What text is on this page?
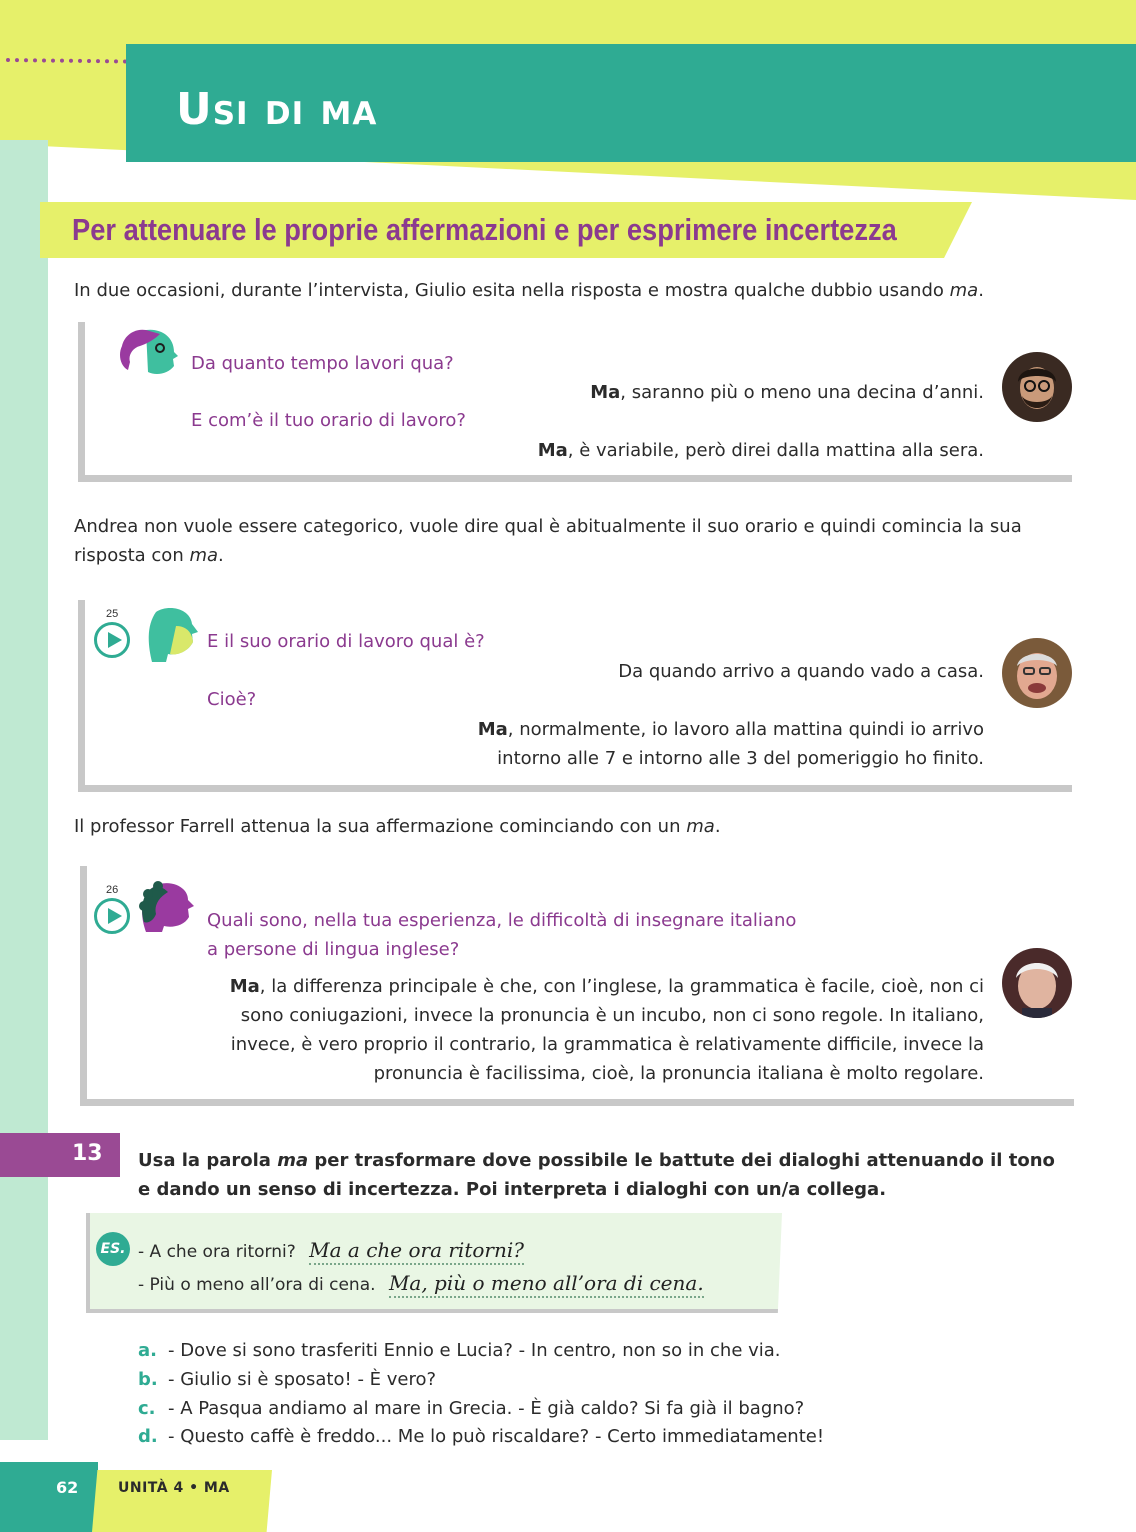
Usi di ma
Per attenuare le proprie affermazioni e per esprimere incertezza
In due occasioni, durante l’intervista, Giulio esita nella risposta e mostra qualche dubbio usando ma.
Da quanto tempo lavori qua?
Ma, saranno più o meno una decina d’anni.
E com’è il tuo orario di lavoro?
Ma, è variabile, però direi dalla mattina alla sera.
Andrea non vuole essere categorico, vuole dire qual è abitualmente il suo orario e quindi comincia la sua risposta con ma.
25
E il suo orario di lavoro qual è?
Da quando arrivo a quando vado a casa.
Cioè?
Ma, normalmente, io lavoro alla mattina quindi io arrivo
intorno alle 7 e intorno alle 3 del pomeriggio ho finito.
Il professor Farrell attenua la sua affermazione cominciando con un ma.
26
Quali sono, nella tua esperienza, le difficoltà di insegnare italiano
a persone di lingua inglese?
Ma, la differenza principale è che, con l’inglese, la grammatica è facile, cioè, non ci
sono coniugazioni, invece la pronuncia è un incubo, non ci sono regole. In italiano,
invece, è vero proprio il contrario, la grammatica è relativamente difficile, invece la
pronuncia è facilissima, cioè, la pronuncia italiana è molto regolare.
13 Usa la parola ma per trasformare dove possibile le battute dei dialoghi attenuando il tono e dando un senso di incertezza. Poi interpreta i dialoghi con un/a collega.
ES. - A che ora ritorni? Ma a che ora ritorni?
- Più o meno all’ora di cena. Ma, più o meno all’ora di cena.
a. - Dove si sono trasferiti Ennio e Lucia? - In centro, non so in che via.
b. - Giulio si è sposato! - È vero?
c. - A Pasqua andiamo al mare in Grecia. - È già caldo? Si fa già il bagno?
d. - Questo caffè è freddo... Me lo può riscaldare? - Certo immediatamente!
62	UNITÀ 4 • MA
